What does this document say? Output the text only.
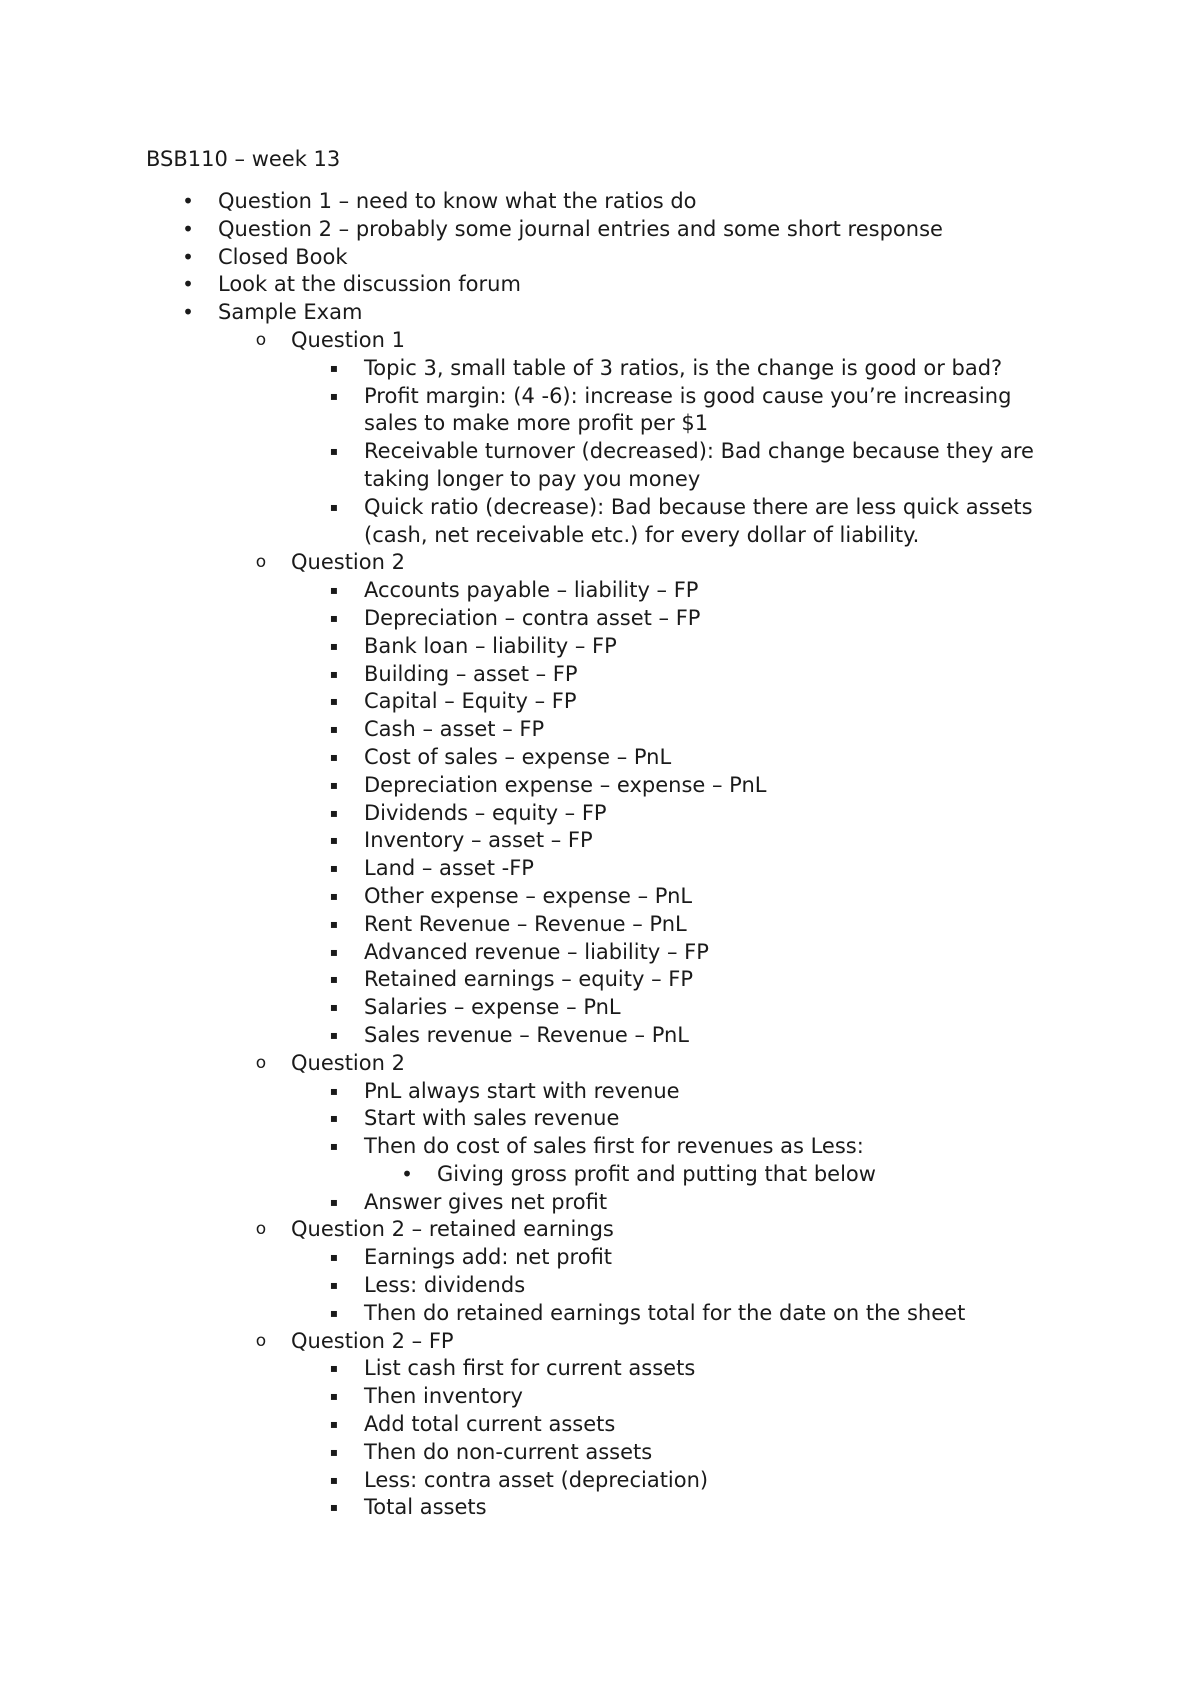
BSB110 – week 13
• Question 1 – need to know what the ratios do
• Question 2 – probably some journal entries and some short response
• Closed Book
• Look at the discussion forum
• Sample Exam
o Question 1
▪ Topic 3, small table of 3 ratios, is the change is good or bad?
▪ Profit margin: (4 -6): increase is good cause you’re increasing sales to make more profit per $1
▪ Receivable turnover (decreased): Bad change because they are taking longer to pay you money
▪ Quick ratio (decrease): Bad because there are less quick assets (cash, net receivable etc.) for every dollar of liability.
o Question 2
▪ Accounts payable – liability – FP
▪ Depreciation – contra asset – FP
▪ Bank loan – liability – FP
▪ Building – asset – FP
▪ Capital – Equity – FP
▪ Cash – asset – FP
▪ Cost of sales – expense – PnL
▪ Depreciation expense – expense – PnL
▪ Dividends – equity – FP
▪ Inventory – asset – FP
▪ Land – asset -FP
▪ Other expense – expense – PnL
▪ Rent Revenue – Revenue – PnL
▪ Advanced revenue – liability – FP
▪ Retained earnings – equity – FP
▪ Salaries – expense – PnL
▪ Sales revenue – Revenue – PnL
o Question 2
▪ PnL always start with revenue
▪ Start with sales revenue
▪ Then do cost of sales first for revenues as Less:
• Giving gross profit and putting that below
▪ Answer gives net profit
o Question 2 – retained earnings
▪ Earnings add: net profit
▪ Less: dividends
▪ Then do retained earnings total for the date on the sheet
o Question 2 – FP
▪ List cash first for current assets
▪ Then inventory
▪ Add total current assets
▪ Then do non-current assets
▪ Less: contra asset (depreciation)
▪ Total assets
